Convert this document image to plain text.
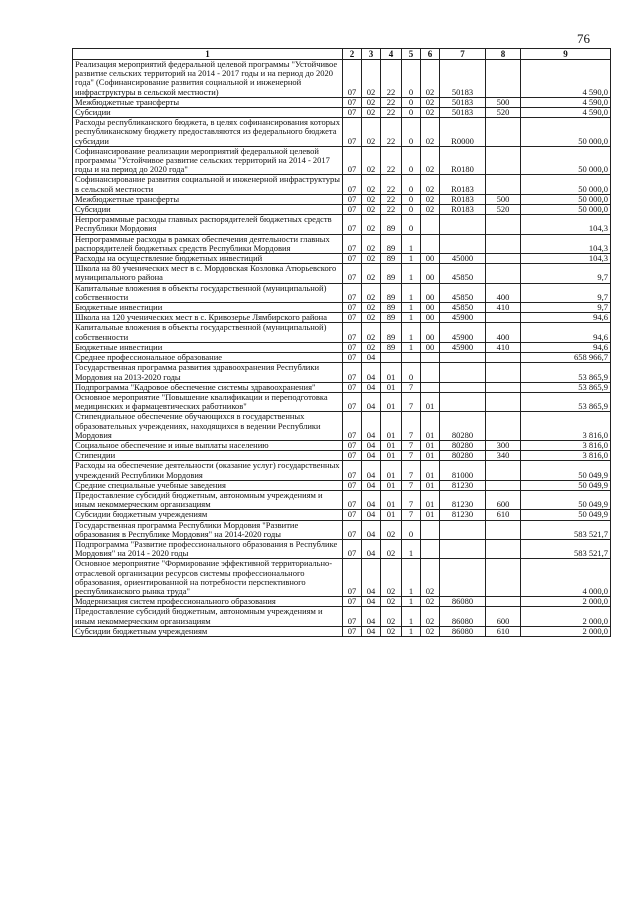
76
1	2	3	4	5	6	7	8	9
Реализация мероприятий федеральной целевой программы "Устойчивое развитие сельских территорий на 2014 - 2017 годы и на период до 2020 года" (Софинансирование развития социальной и инженерной инфраструктуры в сельской местности)	07	02	22	0	02	50183		4 590,0
Межбюджетные трансферты	07	02	22	0	02	50183	500	4 590,0
Субсидии	07	02	22	0	02	50183	520	4 590,0
Расходы республиканского бюджета, в целях софинансирования которых республиканскому бюджету предоставляются из федерального бюджета субсидии	07	02	22	0	02	R0000		50 000,0
Софинансирование реализации мероприятий федеральной целевой программы "Устойчивое развитие сельских территорий на 2014 - 2017 годы и на период до 2020 года"	07	02	22	0	02	R0180		50 000,0
Софинансирование развития социальной и инженерной инфраструктуры в сельской местности	07	02	22	0	02	R0183		50 000,0
Межбюджетные трансферты	07	02	22	0	02	R0183	500	50 000,0
Субсидии	07	02	22	0	02	R0183	520	50 000,0
Непрограммные расходы главных распорядителей бюджетных средств Республики Мордовия	07	02	89	0				104,3
Непрограммные расходы в рамках обеспечения деятельности главных распорядителей бюджетных средств Республики Мордовия	07	02	89	1				104,3
Расходы на осуществление бюджетных инвестиций	07	02	89	1	00	45000		104,3
Школа на 80 ученических мест в с. Мордовская Козловка Атюрьевского муниципального района	07	02	89	1	00	45850		9,7
Капитальные вложения в объекты государственной (муниципальной) собственности	07	02	89	1	00	45850	400	9,7
Бюджетные инвестиции	07	02	89	1	00	45850	410	9,7
Школа на 120 ученических мест в с. Кривозерье Лямбирского района	07	02	89	1	00	45900		94,6
Капитальные вложения в объекты государственной (муниципальной) собственности	07	02	89	1	00	45900	400	94,6
Бюджетные инвестиции	07	02	89	1	00	45900	410	94,6
Среднее профессиональное образование	07	04						658 966,7
Государственная программа развития здравоохранения Республики Мордовия на 2013-2020 годы	07	04	01	0				53 865,9
Подпрограмма "Кадровое обеспечение системы здравоохранения"	07	04	01	7				53 865,9
Основное мероприятие "Повышение квалификации и переподготовка медицинских и фармацевтических работников"	07	04	01	7	01			53 865,9
Стипендиальное обеспечение обучающихся в государственных образовательных учреждениях, находящихся в ведении Республики Мордовия	07	04	01	7	01	80280		3 816,0
Социальное обеспечение и иные выплаты населению	07	04	01	7	01	80280	300	3 816,0
Стипендии	07	04	01	7	01	80280	340	3 816,0
Расходы на обеспечение деятельности (оказание услуг) государственных учреждений Республики Мордовия	07	04	01	7	01	81000		50 049,9
Средние специальные учебные заведения	07	04	01	7	01	81230		50 049,9
Предоставление субсидий бюджетным, автономным учреждениям и иным некоммерческим организациям	07	04	01	7	01	81230	600	50 049,9
Субсидии бюджетным учреждениям	07	04	01	7	01	81230	610	50 049,9
Государственная программа Республики Мордовия "Развитие образования в Республике Мордовия" на 2014-2020 годы	07	04	02	0				583 521,7
Подпрограмма "Развитие профессионального образования в Республике Мордовия" на 2014 - 2020 годы	07	04	02	1				583 521,7
Основное мероприятие "Формирование эффективной территориально-отраслевой организации ресурсов системы профессионального образования, ориентированной на потребности перспективного республиканского рынка труда"	07	04	02	1	02			4 000,0
Модернизация систем профессионального образования	07	04	02	1	02	86080		2 000,0
Предоставление субсидий бюджетным, автономным учреждениям и иным некоммерческим организациям	07	04	02	1	02	86080	600	2 000,0
Субсидии бюджетным учреждениям	07	04	02	1	02	86080	610	2 000,0
